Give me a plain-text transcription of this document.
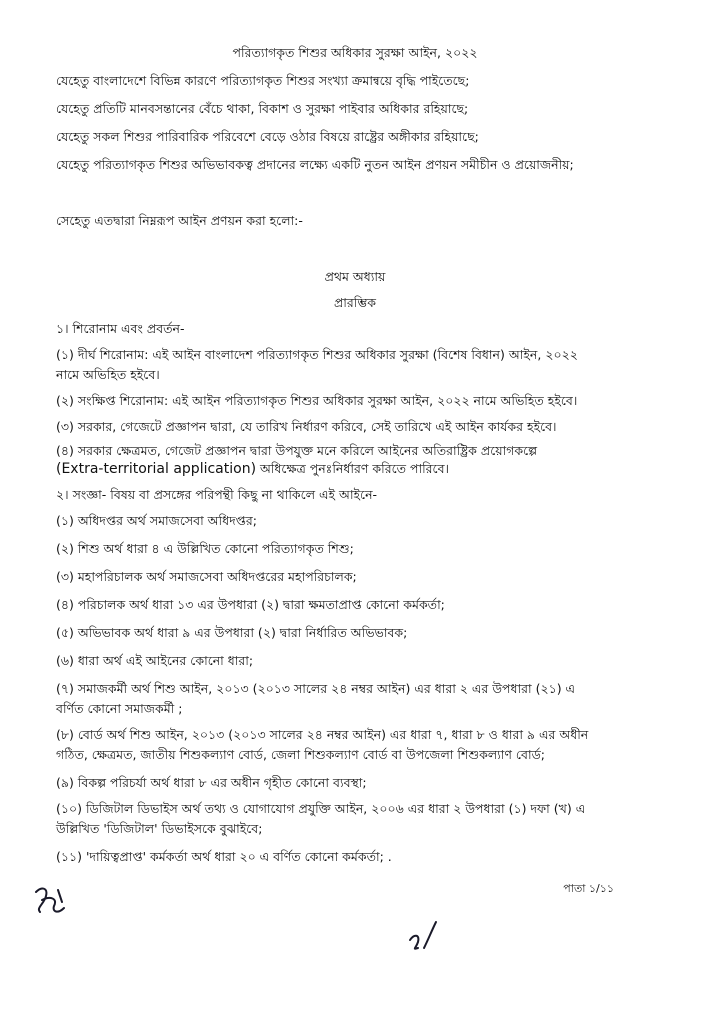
পরিত্যাগকৃত শিশুর অধিকার সুরক্ষা আইন, ২০২২
যেহেতু বাংলাদেশে বিভিন্ন কারণে পরিত্যাগকৃত শিশুর সংখ্যা ক্রমান্বয়ে বৃদ্ধি পাইতেছে;
যেহেতু প্রতিটি মানবসন্তানের বেঁচে থাকা, বিকাশ ও সুরক্ষা পাইবার অধিকার রহিয়াছে;
যেহেতু সকল শিশুর পারিবারিক পরিবেশে বেড়ে ওঠার বিষয়ে রাষ্ট্রের অঙ্গীকার রহিয়াছে;
যেহেতু পরিত্যাগকৃত শিশুর অভিভাবকত্ব প্রদানের লক্ষ্যে একটি নুতন আইন প্রণয়ন সমীচীন ও প্রয়োজনীয়;
সেহেতু এতদ্বারা নিম্নরূপ আইন প্রণয়ন করা হলো:-
প্রথম অধ্যায়
প্রারম্ভিক
১। শিরোনাম এবং প্রবর্তন-
(১) দীর্ঘ শিরোনাম: এই আইন বাংলাদেশ পরিত্যাগকৃত শিশুর অধিকার সুরক্ষা (বিশেষ বিধান) আইন, ২০২২
নামে অভিহিত হইবে।
(২) সংক্ষিপ্ত শিরোনাম: এই আইন পরিত্যাগকৃত শিশুর অধিকার সুরক্ষা আইন, ২০২২ নামে অভিহিত হইবে।
(৩) সরকার, গেজেটে প্রজ্ঞাপন দ্বারা, যে তারিখ নির্ধারণ করিবে, সেই তারিখে এই আইন কার্যকর হইবে।
(৪) সরকার ক্ষেত্রমত, গেজেট প্রজ্ঞাপন দ্বারা উপযুক্ত মনে করিলে আইনের অতিরাষ্ট্রিক প্রয়োগকল্পে
(Extra-territorial application) অধিক্ষেত্র পুনঃনির্ধারণ করিতে পারিবে।
২। সংজ্ঞা- বিষয় বা প্রসঙ্গের পরিপন্থী কিছু না থাকিলে এই আইনে-
(১) অধিদপ্তর অর্থ সমাজসেবা অধিদপ্তর;
(২) শিশু অর্থ ধারা ৪ এ উল্লিখিত কোনো পরিত্যাগকৃত শিশু;
(৩) মহাপরিচালক অর্থ সমাজসেবা অধিদপ্তরের মহাপরিচালক;
(৪) পরিচালক অর্থ ধারা ১৩ এর উপধারা (২) দ্বারা ক্ষমতাপ্রাপ্ত কোনো কর্মকর্তা;
(৫) অভিভাবক অর্থ ধারা ৯ এর উপধারা (২) দ্বারা নির্ধারিত অভিভাবক;
(৬) ধারা অর্থ এই আইনের কোনো ধারা;
(৭) সমাজকর্মী অর্থ শিশু আইন, ২০১৩ (২০১৩ সালের ২৪ নম্বর আইন) এর ধারা ২ এর উপধারা (২১) এ
বর্ণিত কোনো সমাজকর্মী ;
(৮) বোর্ড অর্থ শিশু আইন, ২০১৩ (২০১৩ সালের ২৪ নম্বর আইন) এর ধারা ৭, ধারা ৮ ও ধারা ৯ এর অধীন
গঠিত, ক্ষেত্রমত, জাতীয় শিশুকল্যাণ বোর্ড, জেলা শিশুকল্যাণ বোর্ড বা উপজেলা শিশুকল্যাণ বোর্ড;
(৯) বিকল্প পরিচর্যা অর্থ ধারা ৮ এর অধীন গৃহীত কোনো ব্যবস্থা;
(১০) ডিজিটাল ডিভাইস অর্থ তথ্য ও যোগাযোগ প্রযুক্তি আইন, ২০০৬ এর ধারা ২ উপধারা (১) দফা (খ) এ
উল্লিখিত 'ডিজিটাল' ডিভাইসকে বুঝাইবে;
(১১) 'দায়িত্বপ্রাপ্ত' কর্মকর্তা অর্থ ধারা ২০ এ বর্ণিত কোনো কর্মকর্তা; .
পাতা ১/১১
